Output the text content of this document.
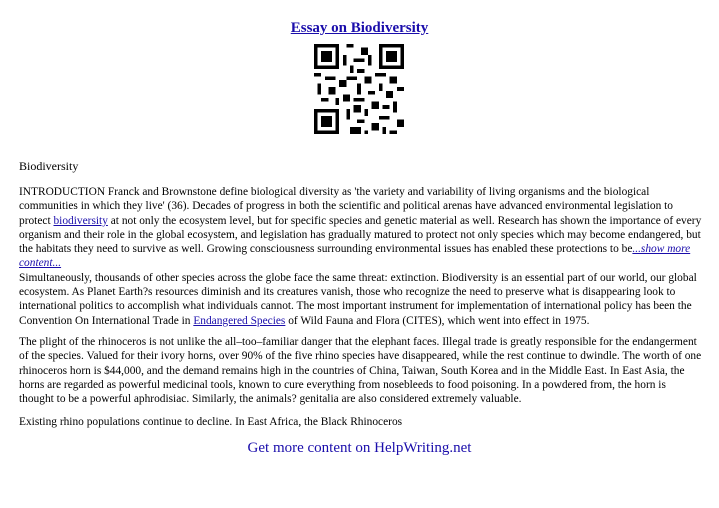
Essay on Biodiversity
Biodiversity
INTRODUCTION Franck and Brownstone define biological diversity as 'the variety and variability of living organisms and the biological communities in which they live' (36). Decades of progress in both the scientific and political arenas have advanced environmental legislation to protect biodiversity at not only the ecosystem level, but for specific species and genetic material as well. Research has shown the importance of every organism and their role in the global ecosystem, and legislation has gradually matured to protect not only species which may become endangered, but the habitats they need to survive as well. Growing consciousness surrounding environmental issues has enabled these protections to be...show more content...
Simultaneously, thousands of other species across the globe face the same threat: extinction. Biodiversity is an essential part of our world, our global ecosystem. As Planet Earth?s resources diminish and its creatures vanish, those who recognize the need to preserve what is disappearing look to international politics to accomplish what individuals cannot. The most important instrument for implementation of international policy has been the Convention On International Trade in Endangered Species of Wild Fauna and Flora (CITES), which went into effect in 1975.
The plight of the rhinoceros is not unlike the all–too–familiar danger that the elephant faces. Illegal trade is greatly responsible for the endangerment of the species. Valued for their ivory horns, over 90% of the five rhino species have disappeared, while the rest continue to dwindle. The worth of one rhinoceros horn is $44,000, and the demand remains high in the countries of China, Taiwan, South Korea and in the Middle East. In East Asia, the horns are regarded as powerful medicinal tools, known to cure everything from nosebleeds to food poisoning. In a powdered from, the horn is thought to be a powerful aphrodisiac. Similarly, the animals? genitalia are also considered extremely valuable.
Existing rhino populations continue to decline. In East Africa, the Black Rhinoceros
Get more content on HelpWriting.net
